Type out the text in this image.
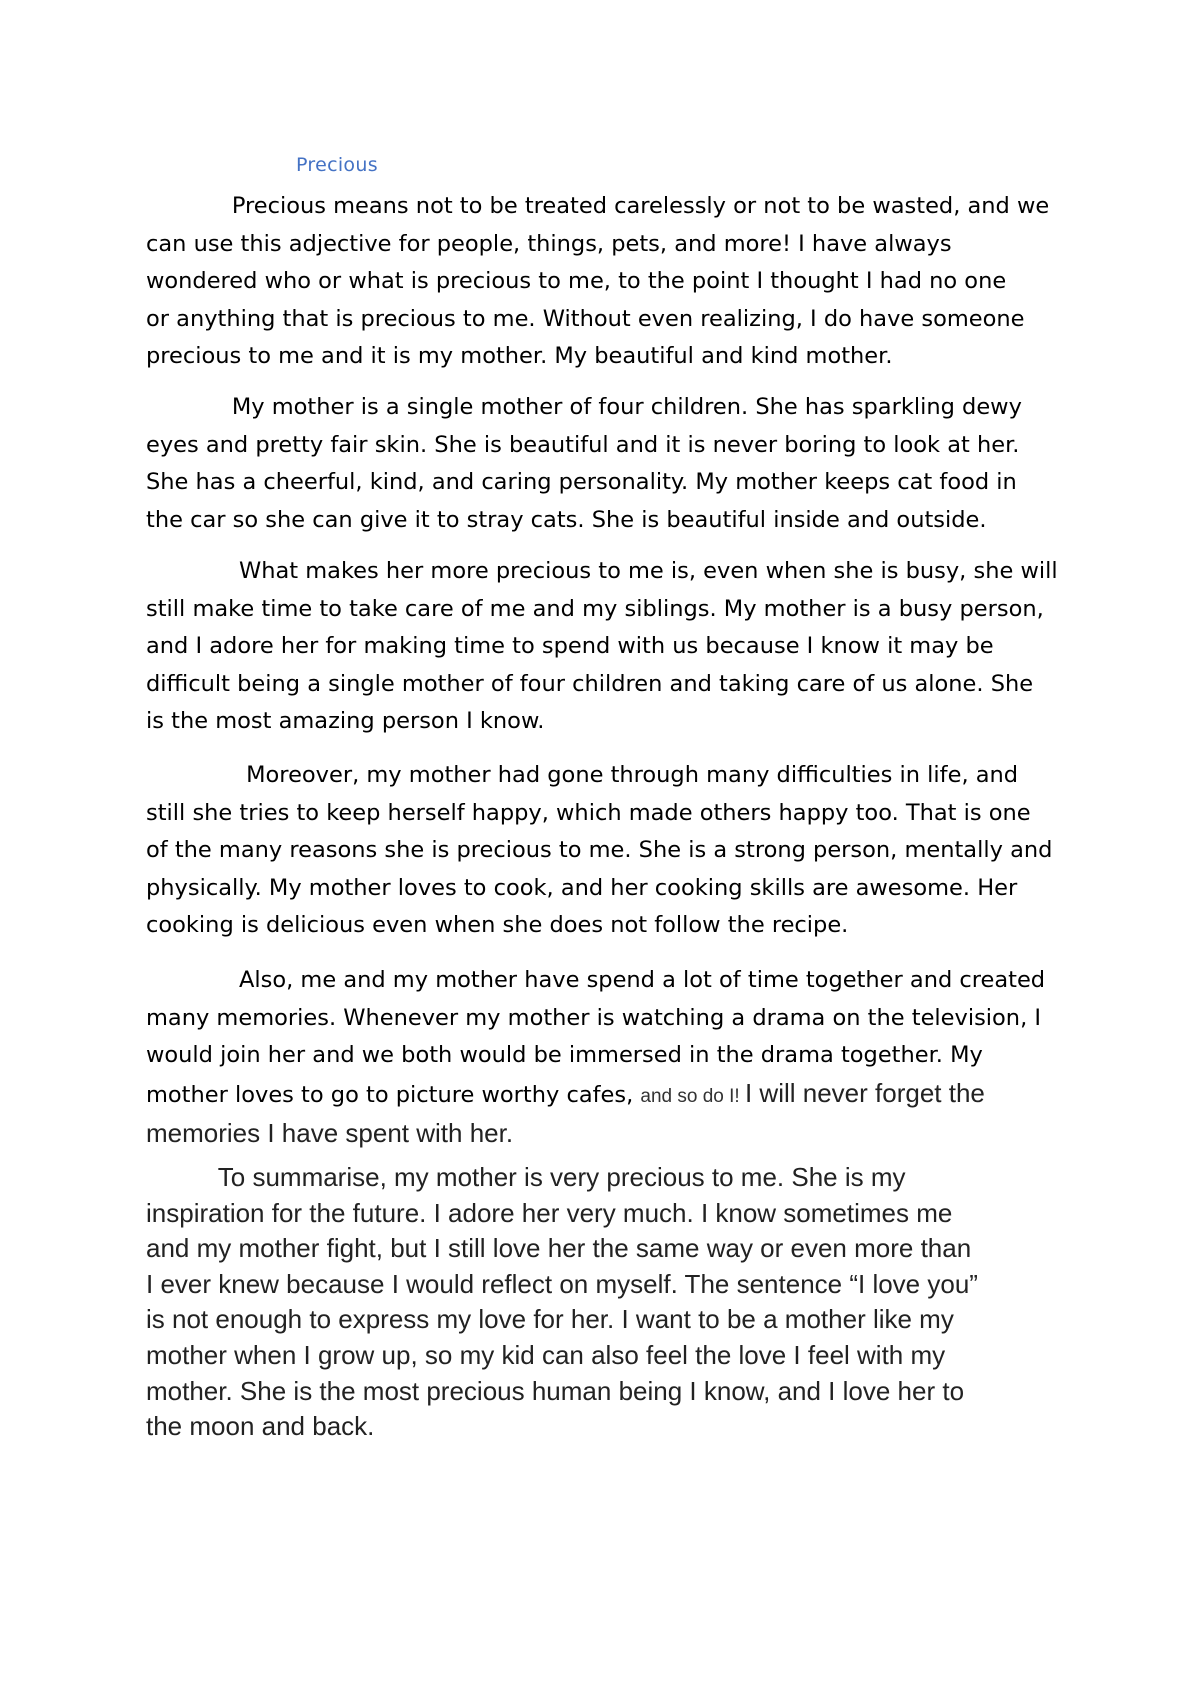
Precious
Precious means not to be treated carelessly or not to be wasted, and we
can use this adjective for people, things, pets, and more! I have always
wondered who or what is precious to me, to the point I thought I had no one
or anything that is precious to me. Without even realizing, I do have someone
precious to me and it is my mother. My beautiful and kind mother.
My mother is a single mother of four children. She has sparkling dewy
eyes and pretty fair skin. She is beautiful and it is never boring to look at her.
She has a cheerful, kind, and caring personality. My mother keeps cat food in
the car so she can give it to stray cats. She is beautiful inside and outside.
What makes her more precious to me is, even when she is busy, she will
still make time to take care of me and my siblings. My mother is a busy person,
and I adore her for making time to spend with us because I know it may be
difficult being a single mother of four children and taking care of us alone. She
is the most amazing person I know.
Moreover, my mother had gone through many difficulties in life, and
still she tries to keep herself happy, which made others happy too. That is one
of the many reasons she is precious to me. She is a strong person, mentally and
physically. My mother loves to cook, and her cooking skills are awesome. Her
cooking is delicious even when she does not follow the recipe.
Also, me and my mother have spend a lot of time together and created
many memories. Whenever my mother is watching a drama on the television, I
would join her and we both would be immersed in the drama together. My
mother loves to go to picture worthy cafes, and so do I! I will never forget the
memories I have spent with her.
To summarise, my mother is very precious to me. She is my
inspiration for the future. I adore her very much. I know sometimes me
and my mother fight, but I still love her the same way or even more than
I ever knew because I would reflect on myself. The sentence “I love you”
is not enough to express my love for her. I want to be a mother like my
mother when I grow up, so my kid can also feel the love I feel with my
mother. She is the most precious human being I know, and I love her to
the moon and back.
